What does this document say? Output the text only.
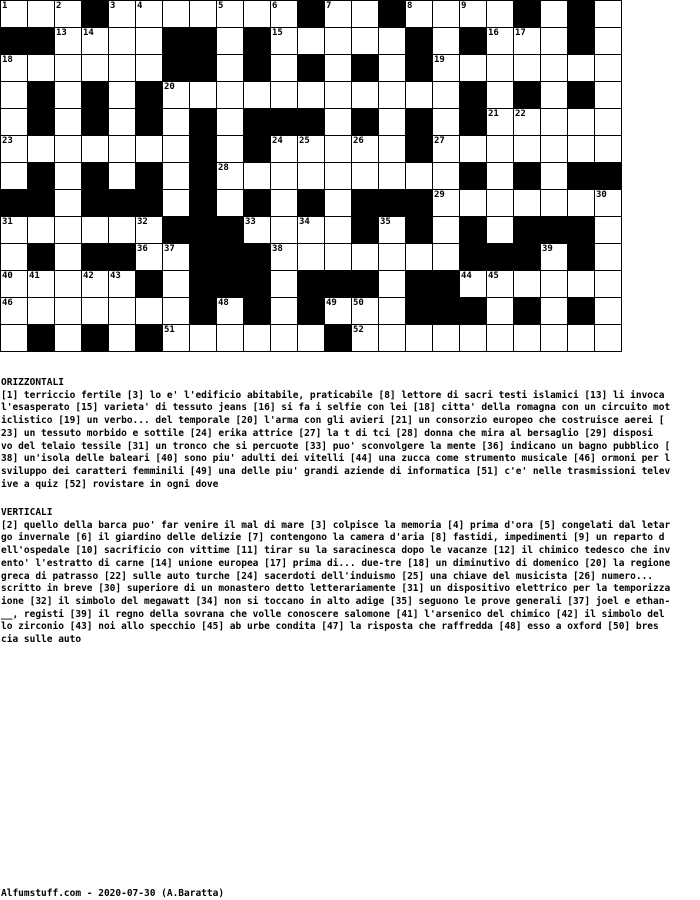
1	2	3 4	5	6	7	8	9
13 14	15	16 17
18	19
20
21 22
23	24 25	26	27
28
29	30
31	32	33	34	35
36 37	38	39
40 41	42 43	44 45
46	48	49 50
51	52
ORIZZONTALI
[1] terriccio fertile [3] lo e' l'edificio abitabile, praticabile [8] lettore di sacri testi islamici [13] li invoca
l'esasperato [15] varieta' di tessuto jeans [16] si fa i selfie con lei [18] citta' della romagna con un circuito mot
iclistico [19] un verbo... del temporale [20] l'arma con gli avieri [21] un consorzio europeo che costruisce aerei [
23] un tessuto morbido e sottile [24] erika attrice [27] la t di tci [28] donna che mira al bersaglio [29] disposi
vo del telaio tessile [31] un tronco che si percuote [33] puo' sconvolgere la mente [36] indicano un bagno pubblico [
38] un'isola delle baleari [40] sono piu' adulti dei vitelli [44] una zucca come strumento musicale [46] ormoni per l
sviluppo dei caratteri femminili [49] una delle piu' grandi aziende di informatica [51] c'e' nelle trasmissioni telev
ive a quiz [52] rovistare in ogni dove
VERTICALI
[2] quello della barca puo' far venire il mal di mare [3] colpisce la memoria [4] prima d'ora [5] congelati dal letar
go invernale [6] il giardino delle delizie [7] contengono la camera d'aria [8] fastidi, impedimenti [9] un reparto d
ell'ospedale [10] sacrificio con vittime [11] tirar su la saracinesca dopo le vacanze [12] il chimico tedesco che inv
ento' l'estratto di carne [14] unione europea [17] prima di... due-tre [18] un diminutivo di domenico [20] la regione
greca di patrasso [22] sulle auto turche [24] sacerdoti dell'induismo [25] una chiave del musicista [26] numero...
scritto in breve [30] superiore di un monastero detto letterariamente [31] un dispositivo elettrico per la temporizza
ione [32] il simbolo del megawatt [34] non si toccano in alto adige [35] seguono le prove generali [37] joel e ethan-
__, registi [39] il regno della sovrana che volle conoscere salomone [41] l'arsenico del chimico [42] il simbolo del
lo zirconio [43] noi allo specchio [45] ab urbe condita [47] la risposta che raffredda [48] esso a oxford [50] bres
cia sulle auto
Alfumstuff.com - 2020-07-30 (A.Baratta)
